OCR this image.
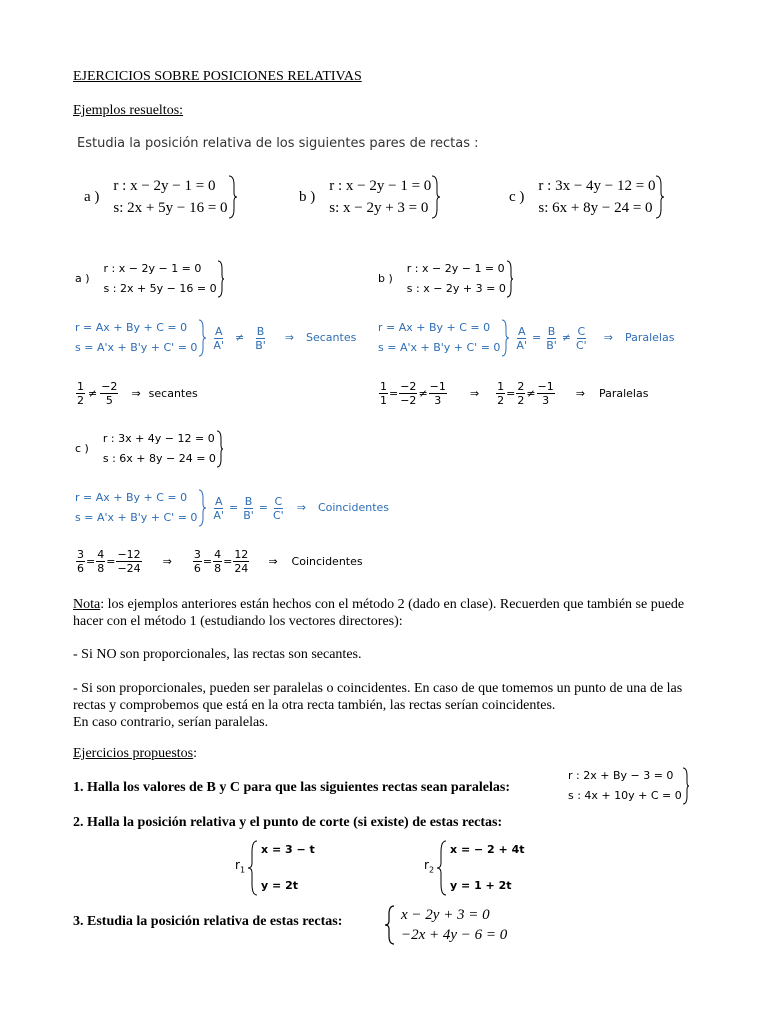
EJERCICIOS SOBRE POSICIONES RELATIVAS
Ejemplos resueltos:
Estudia la posición relativa de los siguientes pares de rectas :
a )
r : x − 2y − 1 = 0
s: 2x + 5y − 16 = 0
b )
r : x − 2y − 1 = 0
s: x − 2y + 3 = 0
c )
r : 3x − 4y − 12 = 0
s: 6x + 8y − 24 = 0
a )
r : x − 2y − 1 = 0
s : 2x + 5y − 16 = 0
b )
r : x − 2y − 1 = 0
s : x − 2y + 3 = 0
r = Ax + By + C = 0
$s = A'x + B'y + C' = 0 \frac{A}{A'} \ne \frac{B}{B'}$ ⇒ Secantes
r = Ax + By + C = 0
$s = A'x + B'y + C' = 0 \frac{A}{A'} = \frac{B}{B'} \ne \frac{C}{C'}$ ⇒ Paralelas
$\frac{1}{2} \ne \frac{-2}{5}$ ⇒ secantes	$\frac{1}{1} = \frac{-2}{-2} \ne \frac{-1}{3}$ ⇒ $\frac{1}{2} = \frac{2}{2} \ne \frac{-1}{3}$ ⇒ Paralelas
c )
r : 3x + 4y − 12 = 0
s : 6x + 8y − 24 = 0
r = Ax + By + C = 0
$s = A'x + B'y + C' = 0 \frac{A}{A'} = \frac{B}{B'} = \frac{C}{C'}$ ⇒ Coincidentes
$\frac{3}{6} = \frac{4}{8} = \frac{-12}{-24}$ ⇒ $\frac{3}{6} = \frac{4}{8} = \frac{12}{24}$ ⇒ Coincidentes

Nota: los ejemplos anteriores están hechos con el método 2 (dado en clase). Recuerden que también se puede hacer con el método 1 (estudiando los vectores directores):

- Si NO son proporcionales, las rectas son secantes.

- Si son proporcionales, pueden ser paralelas o coincidentes. En caso de que tomemos un punto de una de las rectas y comprobemos que está en la otra recta también, las rectas serían coincidentes.

En caso contrario, serían paralelas.

Ejercicios propuestos:
1. Halla los valores de B y C para que las siguientes rectas sean paralelas:
r : 2x + By − 3 = 0
s : 4x + 10y + C = 0
2. Halla la posición relativa y el punto de corte (si existe) de estas rectas:
$r_1$
x = 3 − t
y = 2t
$r_2$
x = − 2 + 4t
y = 1 + 2t
3. Estudia la posición relativa de estas rectas:	x − 2y + 3 = 0
−2x + 4y − 6 = 0
